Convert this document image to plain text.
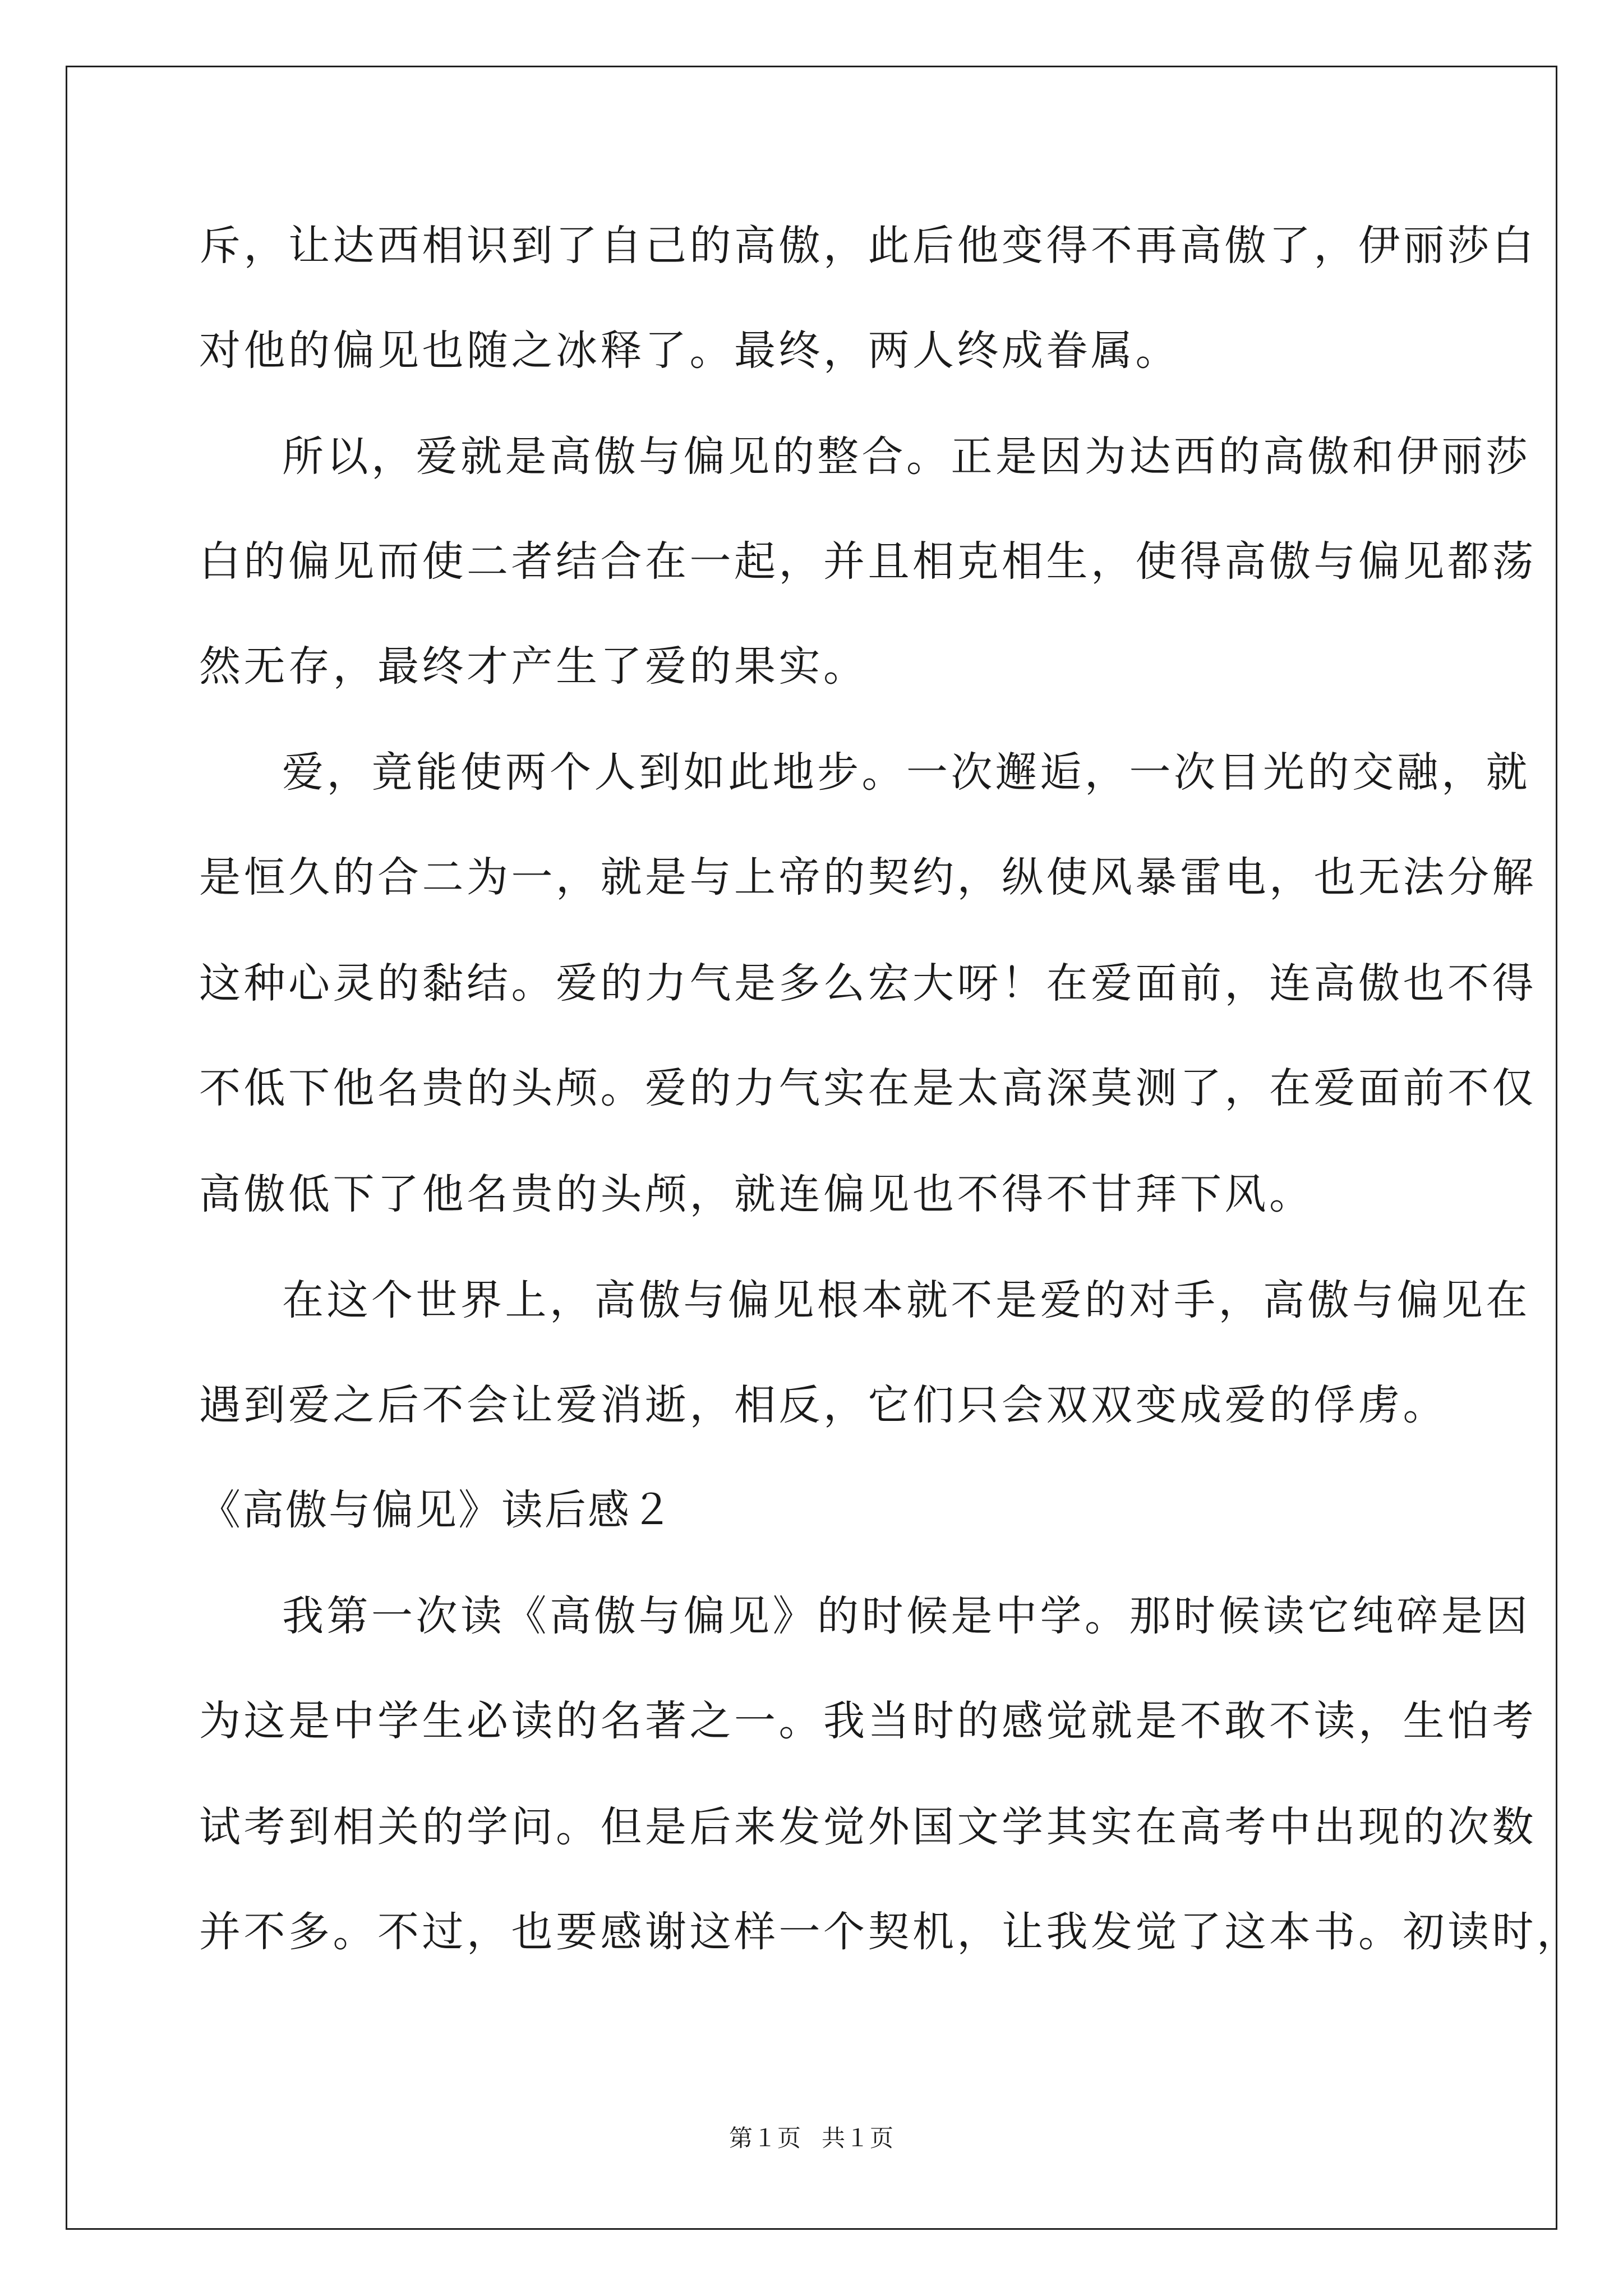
斥，让达西相识到了自己的高傲，此后他变得不再高傲了，伊丽莎白
对他的偏见也随之冰释了。最终，两人终成眷属。
所以，爱就是高傲与偏见的整合。正是因为达西的高傲和伊丽莎
白的偏见而使二者结合在一起，并且相克相生，使得高傲与偏见都荡
然无存，最终才产生了爱的果实。
爱，竟能使两个人到如此地步。一次邂逅，一次目光的交融，就
是恒久的合二为一，就是与上帝的契约，纵使风暴雷电，也无法分解
这种心灵的黏结。爱的力气是多么宏大呀！在爱面前，连高傲也不得
不低下他名贵的头颅。爱的力气实在是太高深莫测了，在爱面前不仅
高傲低下了他名贵的头颅，就连偏见也不得不甘拜下风。
在这个世界上，高傲与偏见根本就不是爱的对手，高傲与偏见在
遇到爱之后不会让爱消逝，相反，它们只会双双变成爱的俘虏。
《高傲与偏见》读后感２
我第一次读《高傲与偏见》的时候是中学。那时候读它纯碎是因
为这是中学生必读的名著之一。我当时的感觉就是不敢不读，生怕考
试考到相关的学问。但是后来发觉外国文学其实在高考中出现的次数
并不多。不过，也要感谢这样一个契机，让我发觉了这本书。初读时，
第１页 共１页
